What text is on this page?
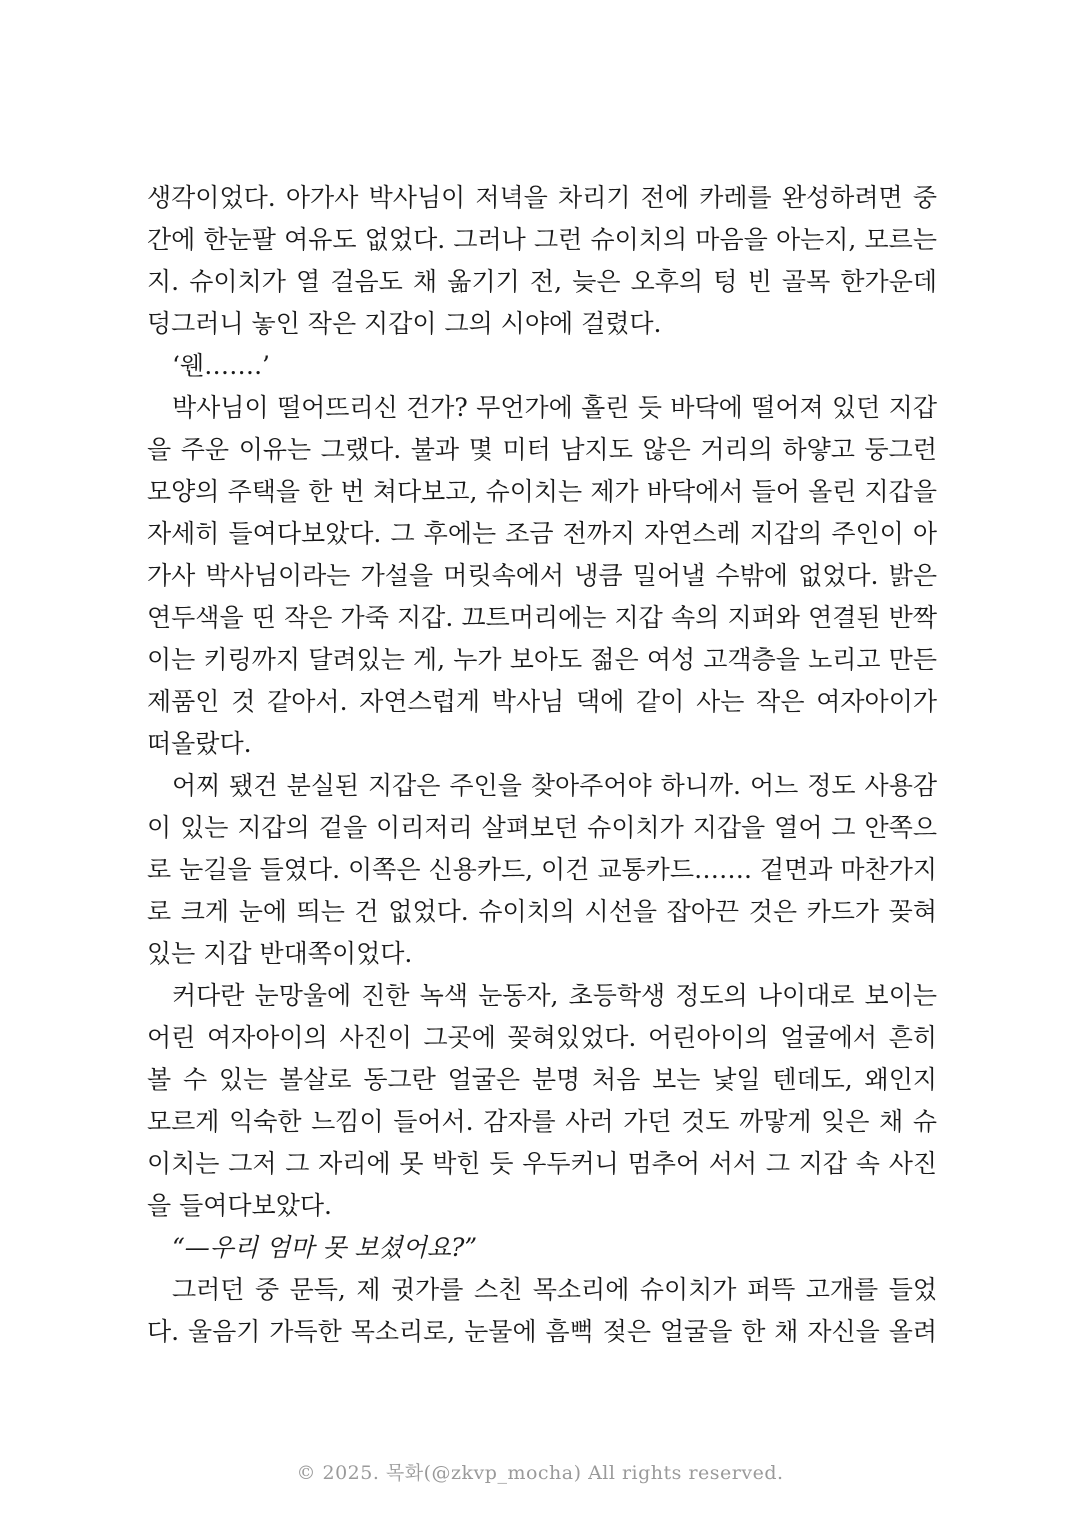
생각이었다. 아가사 박사님이 저녁을 차리기 전에 카레를 완성하려면 중
간에 한눈팔 여유도 없었다. 그러나 그런 슈이치의 마음을 아는지, 모르는
지. 슈이치가 열 걸음도 채 옮기기 전, 늦은 오후의 텅 빈 골목 한가운데
덩그러니 놓인 작은 지갑이 그의 시야에 걸렸다.
‘웬…….’
박사님이 떨어뜨리신 건가? 무언가에 홀린 듯 바닥에 떨어져 있던 지갑
을 주운 이유는 그랬다. 불과 몇 미터 남지도 않은 거리의 하얗고 둥그런
모양의 주택을 한 번 쳐다보고, 슈이치는 제가 바닥에서 들어 올린 지갑을
자세히 들여다보았다. 그 후에는 조금 전까지 자연스레 지갑의 주인이 아
가사 박사님이라는 가설을 머릿속에서 냉큼 밀어낼 수밖에 없었다. 밝은
연두색을 띤 작은 가죽 지갑. 끄트머리에는 지갑 속의 지퍼와 연결된 반짝
이는 키링까지 달려있는 게, 누가 보아도 젊은 여성 고객층을 노리고 만든
제품인 것 같아서. 자연스럽게 박사님 댁에 같이 사는 작은 여자아이가
떠올랐다.
어찌 됐건 분실된 지갑은 주인을 찾아주어야 하니까. 어느 정도 사용감
이 있는 지갑의 겉을 이리저리 살펴보던 슈이치가 지갑을 열어 그 안쪽으
로 눈길을 들였다. 이쪽은 신용카드, 이건 교통카드……. 겉면과 마찬가지
로 크게 눈에 띄는 건 없었다. 슈이치의 시선을 잡아끈 것은 카드가 꽂혀
있는 지갑 반대쪽이었다.
커다란 눈망울에 진한 녹색 눈동자, 초등학생 정도의 나이대로 보이는
어린 여자아이의 사진이 그곳에 꽂혀있었다. 어린아이의 얼굴에서 흔히
볼 수 있는 볼살로 동그란 얼굴은 분명 처음 보는 낯일 텐데도, 왜인지
모르게 익숙한 느낌이 들어서. 감자를 사러 가던 것도 까맣게 잊은 채 슈
이치는 그저 그 자리에 못 박힌 듯 우두커니 멈추어 서서 그 지갑 속 사진
을 들여다보았다.
“—우리 엄마 못 보셨어요?”
그러던 중 문득, 제 귓가를 스친 목소리에 슈이치가 퍼뜩 고개를 들었
다. 울음기 가득한 목소리로, 눈물에 흠뻑 젖은 얼굴을 한 채 자신을 올려
© 2025. 목화(@zkvp_mocha) All rights reserved.
